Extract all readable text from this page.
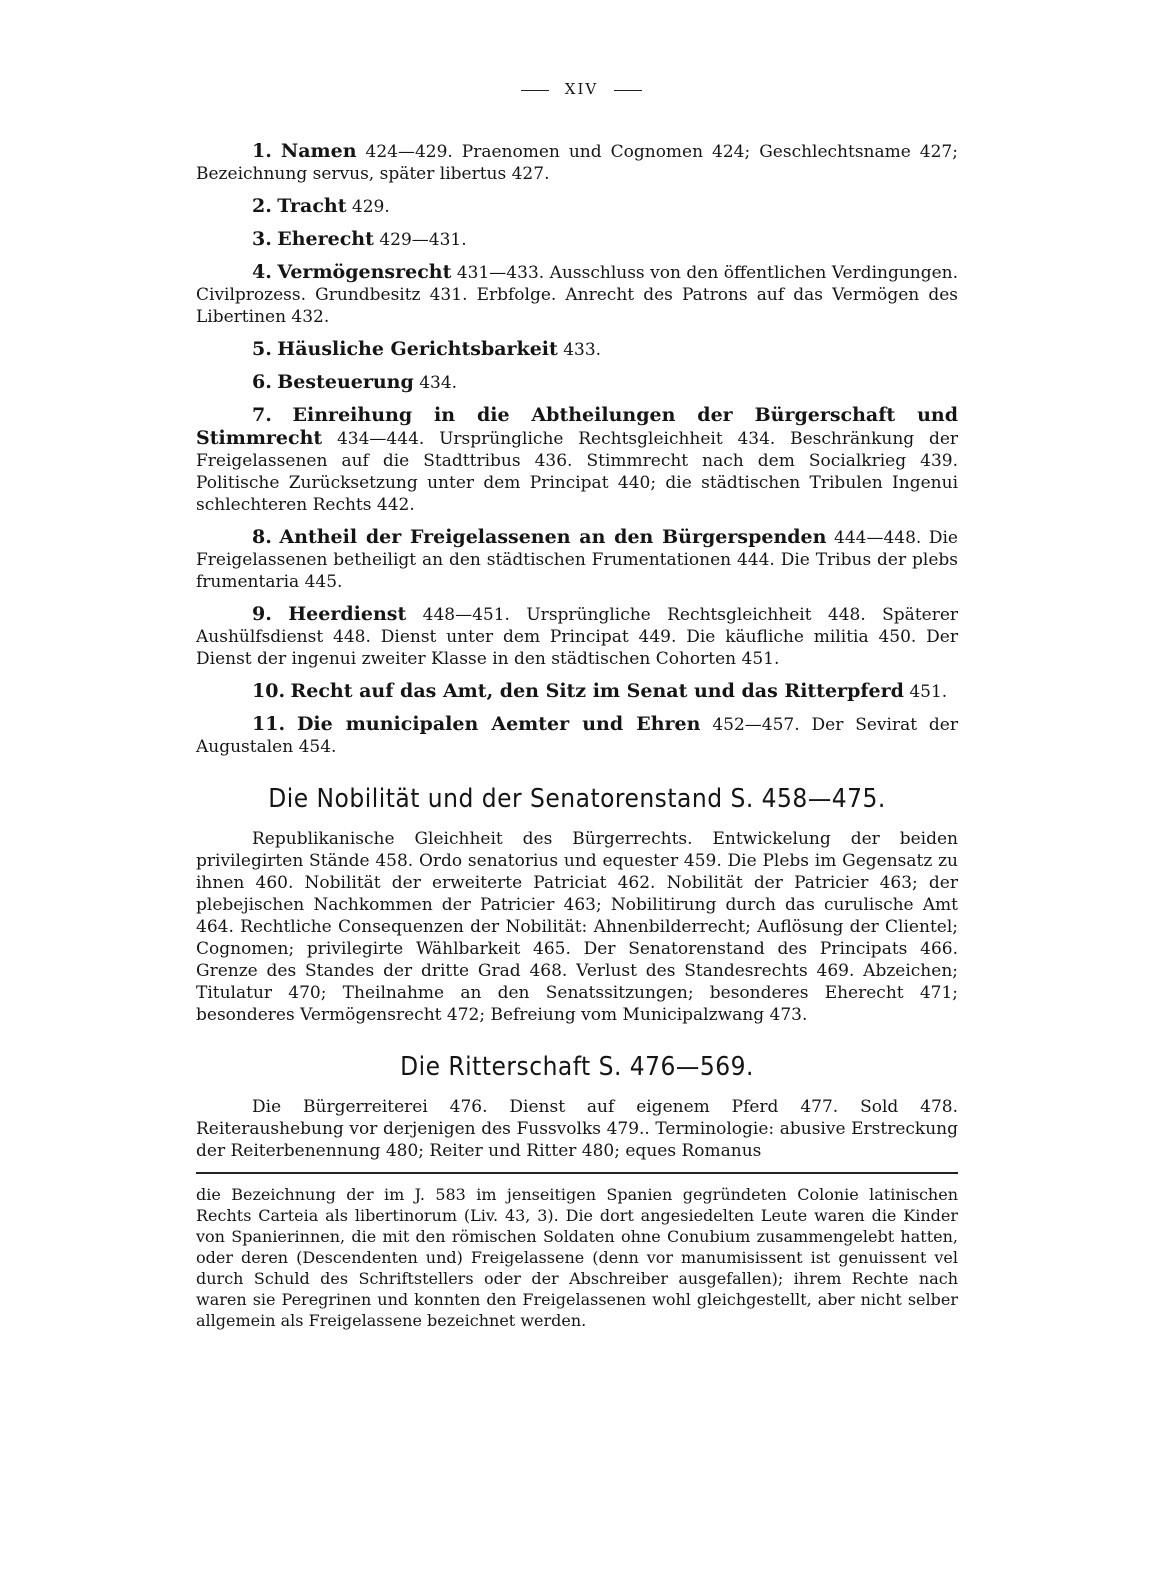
XIV

1. Namen 424—429. Praenomen und Cognomen 424; Geschlechtsname 427; Bezeichnung servus, später libertus 427.

2. Tracht 429.

3. Eherecht 429—431.

4. Vermögensrecht 431—433. Ausschluss von den öffentlichen Verdingungen. Civilprozess. Grundbesitz 431. Erbfolge. Anrecht des Patrons auf das Vermögen des Libertinen 432.

5. Häusliche Gerichtsbarkeit 433.

6. Besteuerung 434.

7. Einreihung in die Abtheilungen der Bürgerschaft und Stimmrecht 434—444. Ursprüngliche Rechtsgleichheit 434. Beschränkung der Freigelassenen auf die Stadttribus 436. Stimmrecht nach dem Socialkrieg 439. Politische Zurücksetzung unter dem Principat 440; die städtischen Tribulen Ingenui schlechteren Rechts 442.

8. Antheil der Freigelassenen an den Bürgerspenden 444—448. Die Freigelassenen betheiligt an den städtischen Frumentationen 444. Die Tribus der plebs frumentaria 445.

9. Heerdienst 448—451. Ursprüngliche Rechtsgleichheit 448. Späterer Aushülfsdienst 448. Dienst unter dem Principat 449. Die käufliche militia 450. Der Dienst der ingenui zweiter Klasse in den städtischen Cohorten 451.

10. Recht auf das Amt, den Sitz im Senat und das Ritterpferd 451.

11. Die municipalen Aemter und Ehren 452—457. Der Sevirat der Augustalen 454.

Die Nobilität und der Senatorenstand S. 458—475.

Republikanische Gleichheit des Bürgerrechts. Entwickelung der beiden privilegirten Stände 458. Ordo senatorius und equester 459. Die Plebs im Gegensatz zu ihnen 460. Nobilität der erweiterte Patriciat 462. Nobilität der Patricier 463; der plebejischen Nachkommen der Patricier 463; Nobilitirung durch das curulische Amt 464. Rechtliche Consequenzen der Nobilität: Ahnenbilderrecht; Auflösung der Clientel; Cognomen; privilegirte Wählbarkeit 465. Der Senatorenstand des Principats 466. Grenze des Standes der dritte Grad 468. Verlust des Standesrechts 469. Abzeichen; Titulatur 470; Theilnahme an den Senatssitzungen; besonderes Eherecht 471; besonderes Vermögensrecht 472; Befreiung vom Municipalzwang 473.

Die Ritterschaft S. 476—569.

Die Bürgerreiterei 476. Dienst auf eigenem Pferd 477. Sold 478. Reiteraushebung vor derjenigen des Fussvolks 479.. Terminologie: abusive Erstreckung der Reiterbenennung 480; Reiter und Ritter 480; eques Romanus

die Bezeichnung der im J. 583 im jenseitigen Spanien gegründeten Colonie latinischen Rechts Carteia als libertinorum (Liv. 43, 3). Die dort angesiedelten Leute waren die Kinder von Spanierinnen, die mit den römischen Soldaten ohne Conubium zusammengelebt hatten, oder deren (Descendenten und) Freigelassene (denn vor manumisissent ist genuissent vel durch Schuld des Schriftstellers oder der Abschreiber ausgefallen); ihrem Rechte nach waren sie Peregrinen und konnten den Freigelassenen wohl gleichgestellt, aber nicht selber allgemein als Freigelassene bezeichnet werden.
